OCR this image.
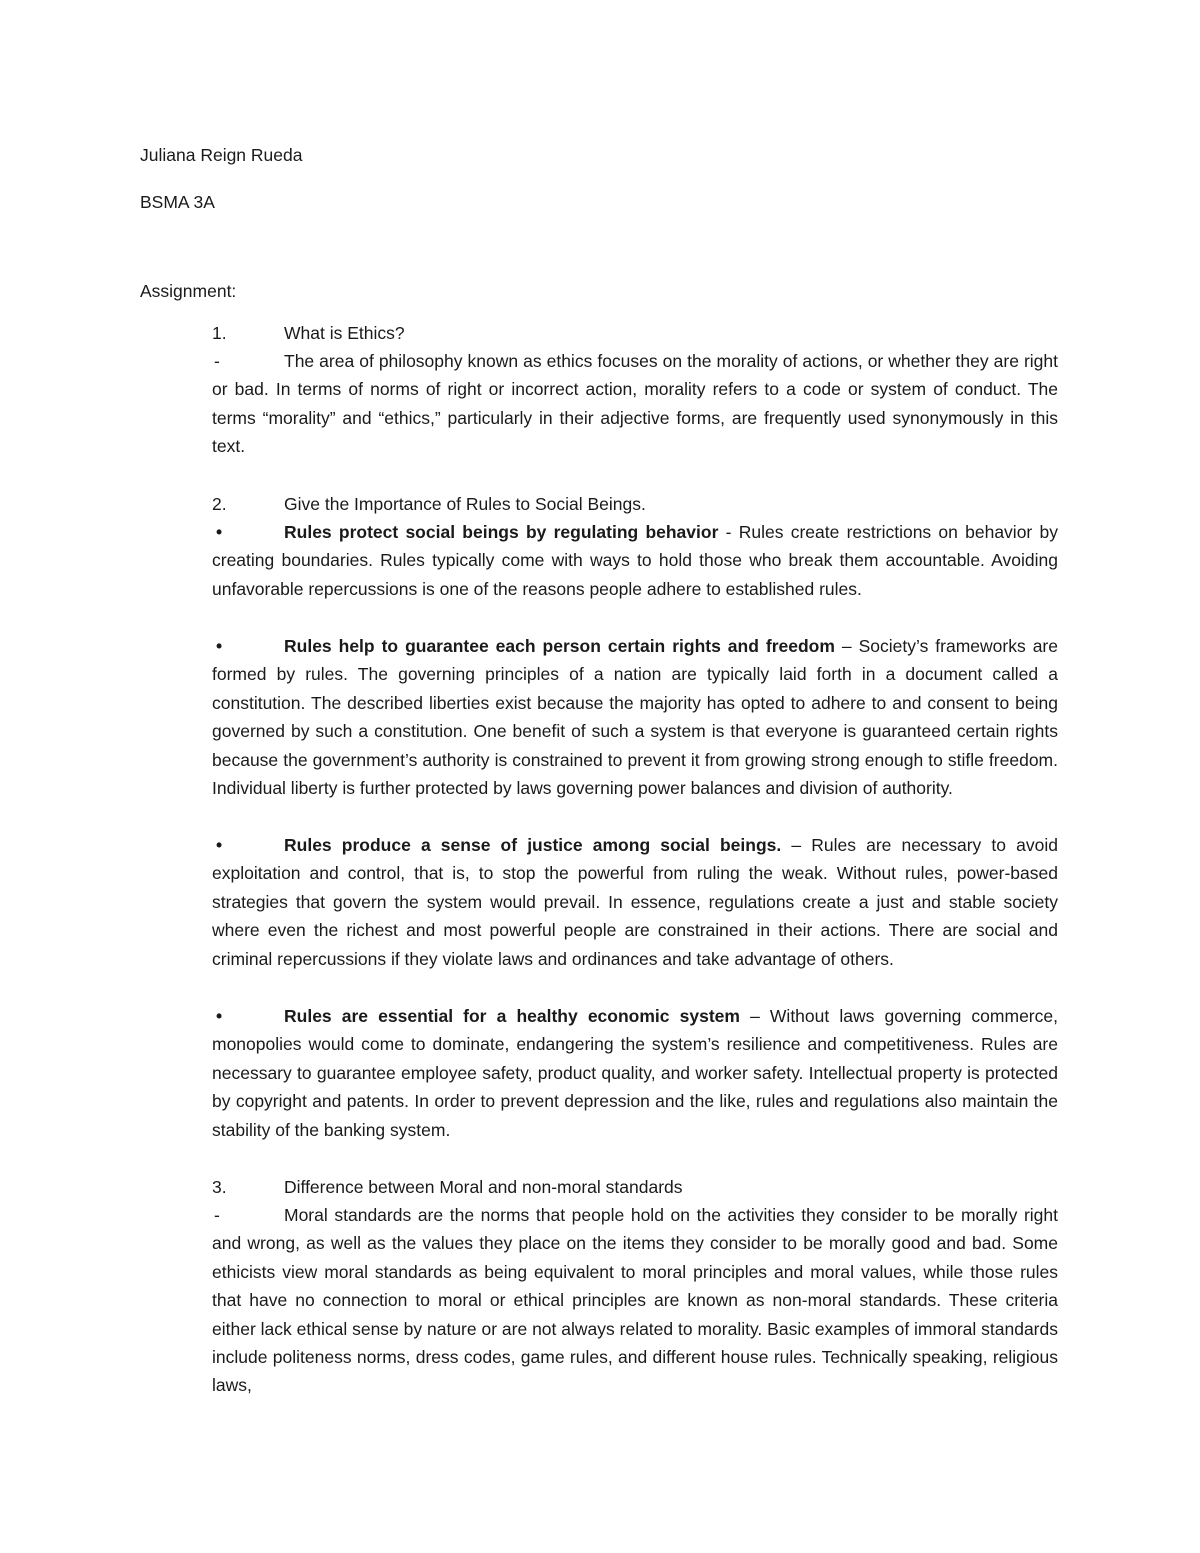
Juliana Reign Rueda
BSMA 3A
Assignment:
1.	What is Ethics?
-	The area of philosophy known as ethics focuses on the morality of actions, or whether they are right or bad. In terms of norms of right or incorrect action, morality refers to a code or system of conduct. The terms “morality” and “ethics,” particularly in their adjective forms, are frequently used synonymously in this text.
2.	Give the Importance of Rules to Social Beings.
•	Rules protect social beings by regulating behavior - Rules create restrictions on behavior by creating boundaries. Rules typically come with ways to hold those who break them accountable. Avoiding unfavorable repercussions is one of the reasons people adhere to established rules.
•	Rules help to guarantee each person certain rights and freedom – Society’s frameworks are formed by rules. The governing principles of a nation are typically laid forth in a document called a constitution. The described liberties exist because the majority has opted to adhere to and consent to being governed by such a constitution. One benefit of such a system is that everyone is guaranteed certain rights because the government’s authority is constrained to prevent it from growing strong enough to stifle freedom. Individual liberty is further protected by laws governing power balances and division of authority.
•	Rules produce a sense of justice among social beings. – Rules are necessary to avoid exploitation and control, that is, to stop the powerful from ruling the weak. Without rules, power-based strategies that govern the system would prevail. In essence, regulations create a just and stable society where even the richest and most powerful people are constrained in their actions. There are social and criminal repercussions if they violate laws and ordinances and take advantage of others.
•	Rules are essential for a healthy economic system – Without laws governing commerce, monopolies would come to dominate, endangering the system’s resilience and competitiveness. Rules are necessary to guarantee employee safety, product quality, and worker safety. Intellectual property is protected by copyright and patents. In order to prevent depression and the like, rules and regulations also maintain the stability of the banking system.
3.	Difference between Moral and non-moral standards
-	Moral standards are the norms that people hold on the activities they consider to be morally right and wrong, as well as the values they place on the items they consider to be morally good and bad. Some ethicists view moral standards as being equivalent to moral principles and moral values, while those rules that have no connection to moral or ethical principles are known as non-moral standards. These criteria either lack ethical sense by nature or are not always related to morality. Basic examples of immoral standards include politeness norms, dress codes, game rules, and different house rules. Technically speaking, religious laws,
